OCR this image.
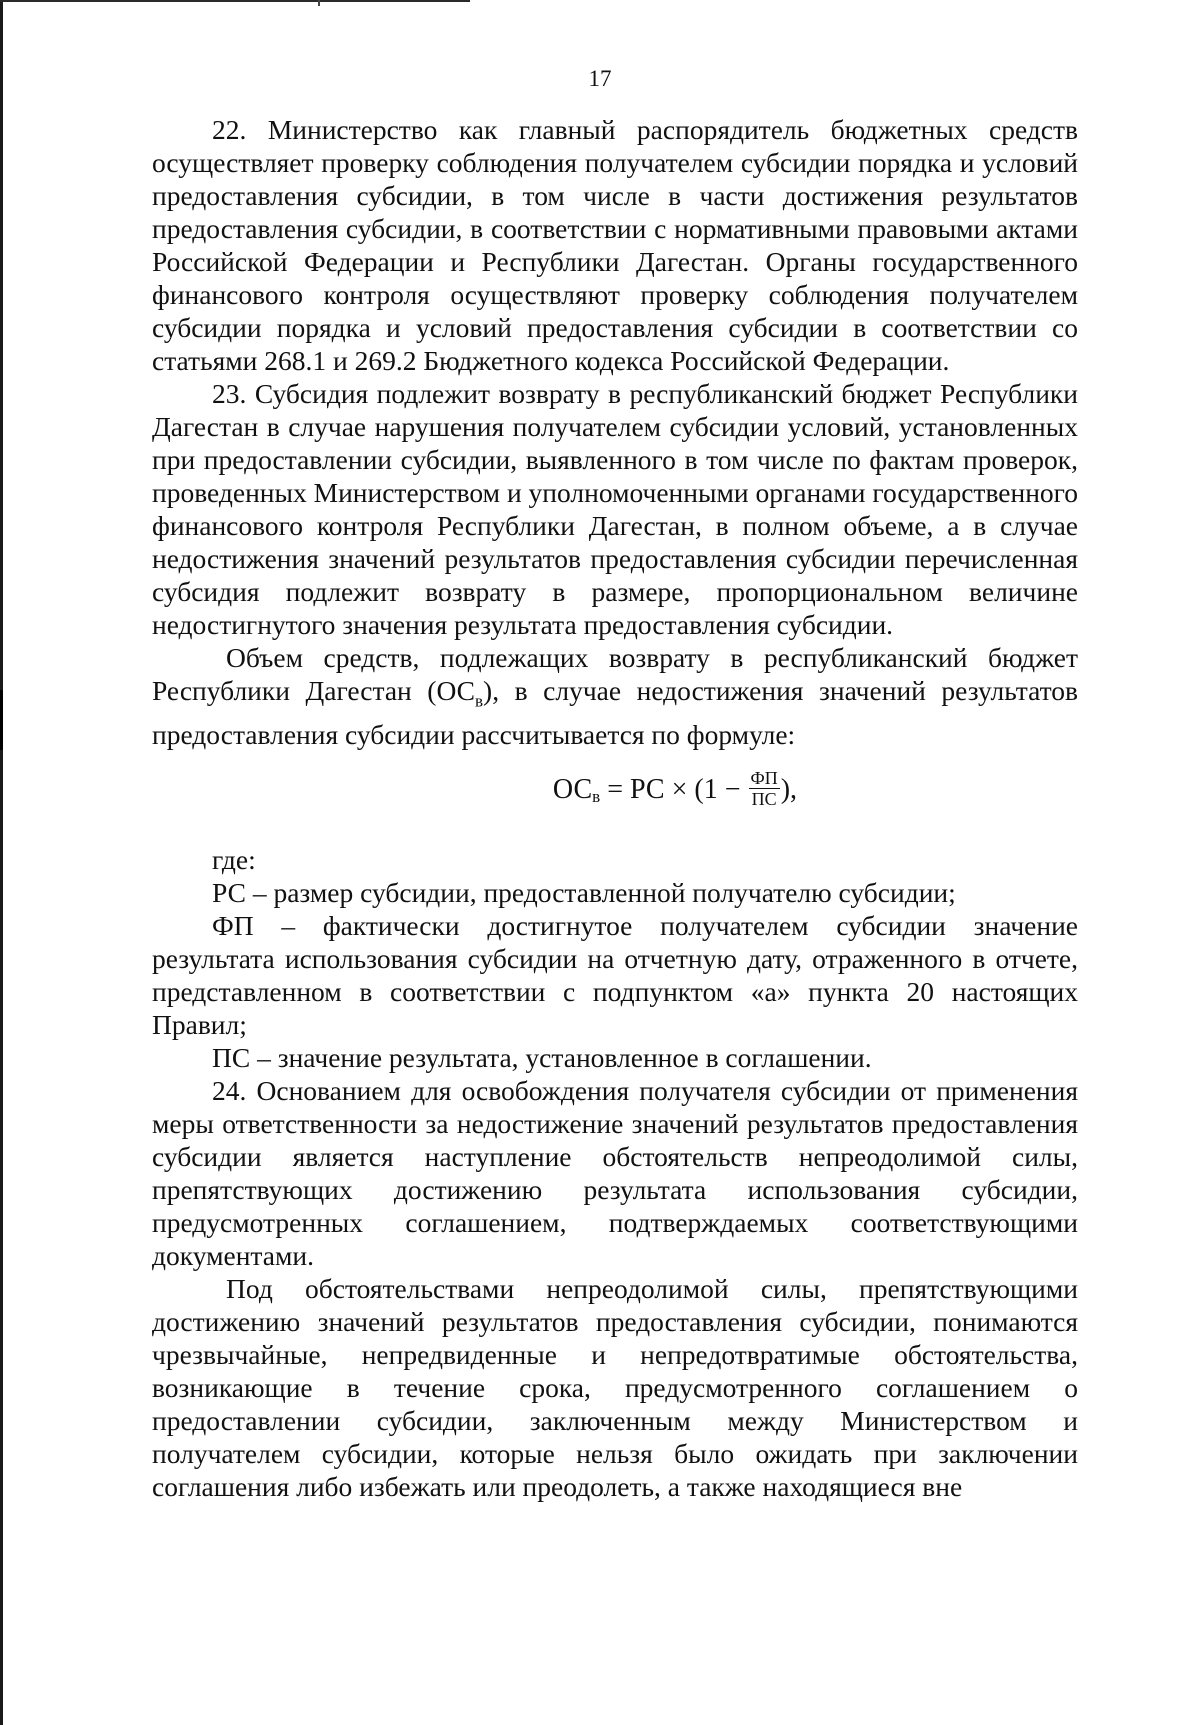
17

22. Министерство как главный распорядитель бюджетных средств осуществляет проверку соблюдения получателем субсидии порядка и условий предоставления субсидии, в том числе в части достижения результатов предоставления субсидии, в соответствии с нормативными правовыми актами Российской Федерации и Республики Дагестан. Органы государственного финансового контроля осуществляют проверку соблюдения получателем субсидии порядка и условий предоставления субсидии в соответствии со статьями 268.1 и 269.2 Бюджетного кодекса Российской Федерации.

23. Субсидия подлежит возврату в республиканский бюджет Республики Дагестан в случае нарушения получателем субсидии условий, установленных при предоставлении субсидии, выявленного в том числе по фактам проверок, проведенных Министерством и уполномоченными органами государственного финансового контроля Республики Дагестан, в полном объеме, а в случае недостижения значений результатов предоставления субсидии перечисленная субсидия подлежит возврату в размере, пропорциональном величине недостигнутого значения результата предоставления субсидии.

Объем средств, подлежащих возврату в республиканский бюджет Республики Дагестан $(ОС_в)$, в случае недостижения значений результатов предоставления субсидии рассчитывается по формуле:

ОС в = РС × ($1 - \frac{ФП}{ПС}$ ),

где:

РС – размер субсидии, предоставленной получателю субсидии;

ФП – фактически достигнутое получателем субсидии значение результата использования субсидии на отчетную дату, отраженного в отчете, представленном в соответствии с подпунктом «а» пункта 20 настоящих Правил;

ПС – значение результата, установленное в соглашении.

24. Основанием для освобождения получателя субсидии от применения меры ответственности за недостижение значений результатов предоставления субсидии является наступление обстоятельств непреодолимой силы, препятствующих достижению результата использования субсидии, предусмотренных соглашением, подтверждаемых соответствующими документами.

Под обстоятельствами непреодолимой силы, препятствующими достижению значений результатов предоставления субсидии, понимаются чрезвычайные, непредвиденные и непредотвратимые обстоятельства, возникающие в течение срока, предусмотренного соглашением о предоставлении субсидии, заключенным между Министерством и получателем субсидии, которые нельзя было ожидать при заключении соглашения либо избежать или преодолеть, а также находящиеся вне
